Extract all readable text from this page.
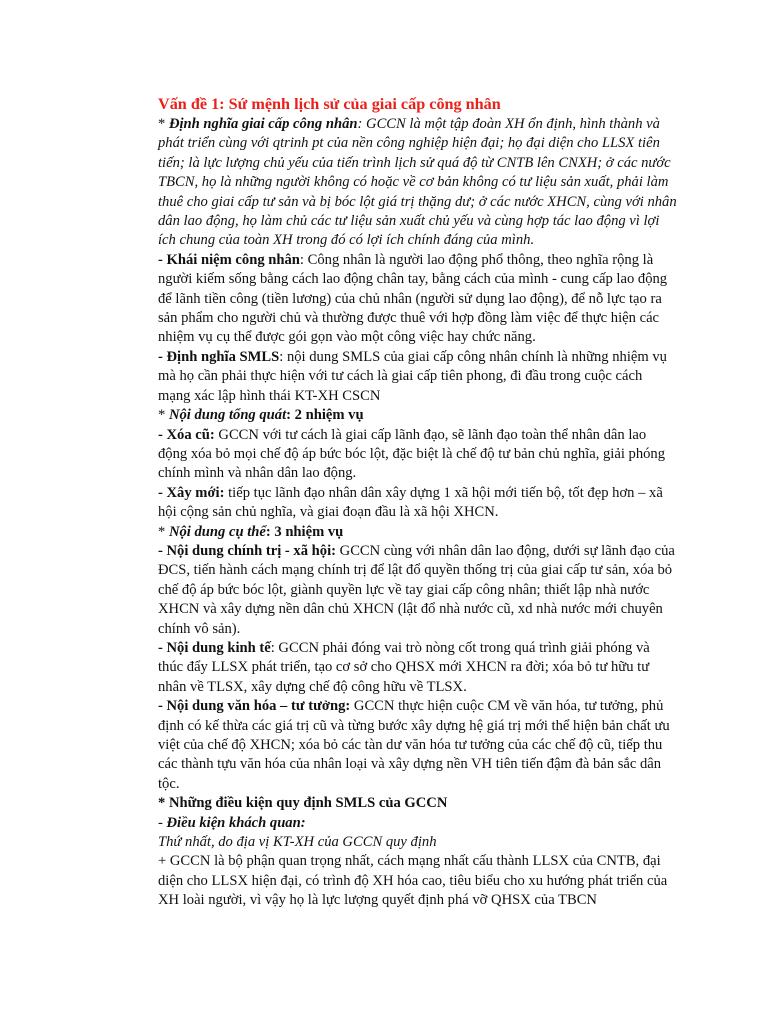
Vấn đề 1: Sứ mệnh lịch sử của giai cấp công nhân

* Định nghĩa giai cấp công nhân: GCCN là một tập đoàn XH ổn định, hình thành và phát triển cùng với qtrinh pt của nền công nghiệp hiện đại; họ đại diện cho LLSX tiên tiến; là lực lượng chủ yếu của tiến trình lịch sử quá độ từ CNTB lên CNXH; ở các nước TBCN, họ là những người không có hoặc về cơ bản không có tư liệu sản xuất, phải làm thuê cho giai cấp tư sản và bị bóc lột giá trị thặng dư; ở các nước XHCN, cùng với nhân dân lao động, họ làm chủ các tư liệu sản xuất chủ yếu và cùng hợp tác lao động vì lợi ích chung của toàn XH trong đó có lợi ích chính đáng của mình.

- Khái niệm công nhân: Công nhân là người lao động phổ thông, theo nghĩa rộng là người kiếm sống bằng cách lao động chân tay, bằng cách của mình - cung cấp lao động để lãnh tiền công (tiền lương) của chủ nhân (người sử dụng lao động), để nỗ lực tạo ra sản phẩm cho người chủ và thường được thuê với hợp đồng làm việc để thực hiện các nhiệm vụ cụ thể được gói gọn vào một công việc hay chức năng.

- Định nghĩa SMLS: nội dung SMLS của giai cấp công nhân chính là những nhiệm vụ mà họ cần phải thực hiện với tư cách là giai cấp tiên phong, đi đầu trong cuộc cách mạng xác lập hình thái KT-XH CSCN

* Nội dung tổng quát: 2 nhiệm vụ

- Xóa cũ: GCCN với tư cách là giai cấp lãnh đạo, sẽ lãnh đạo toàn thể nhân dân lao động xóa bỏ mọi chế độ áp bức bóc lột, đặc biệt là chế độ tư bản chủ nghĩa, giải phóng chính mình và nhân dân lao động.

- Xây mới: tiếp tục lãnh đạo nhân dân xây dựng 1 xã hội mới tiến bộ, tốt đẹp hơn – xã hội cộng sản chủ nghĩa, và giai đoạn đầu là xã hội XHCN.

* Nội dung cụ thể: 3 nhiệm vụ

- Nội dung chính trị - xã hội: GCCN cùng với nhân dân lao động, dưới sự lãnh đạo của ĐCS, tiến hành cách mạng chính trị để lật đổ quyền thống trị của giai cấp tư sản, xóa bỏ chế độ áp bức bóc lột, giành quyền lực về tay giai cấp công nhân; thiết lập nhà nước XHCN và xây dựng nền dân chủ XHCN (lật đổ nhà nước cũ, xd nhà nước mới chuyên chính vô sản).

- Nội dung kinh tế: GCCN phải đóng vai trò nòng cốt trong quá trình giải phóng và thúc đẩy LLSX phát triển, tạo cơ sở cho QHSX mới XHCN ra đời; xóa bỏ tư hữu tư nhân về TLSX, xây dựng chế độ công hữu về TLSX.

- Nội dung văn hóa – tư tưởng: GCCN thực hiện cuộc CM về văn hóa, tư tưởng, phủ định có kế thừa các giá trị cũ và từng bước xây dựng hệ giá trị mới thể hiện bản chất ưu việt của chế độ XHCN; xóa bỏ các tàn dư văn hóa tư tưởng của các chế độ cũ, tiếp thu các thành tựu văn hóa của nhân loại và xây dựng nền VH tiên tiến đậm đà bản sắc dân tộc.

* Những điều kiện quy định SMLS của GCCN

- Điều kiện khách quan:

Thứ nhất, do địa vị KT-XH của GCCN quy định

+ GCCN là bộ phận quan trọng nhất, cách mạng nhất cấu thành LLSX của CNTB, đại diện cho LLSX hiện đại, có trình độ XH hóa cao, tiêu biểu cho xu hướng phát triển của XH loài người, vì vậy họ là lực lượng quyết định phá vỡ QHSX của TBCN
